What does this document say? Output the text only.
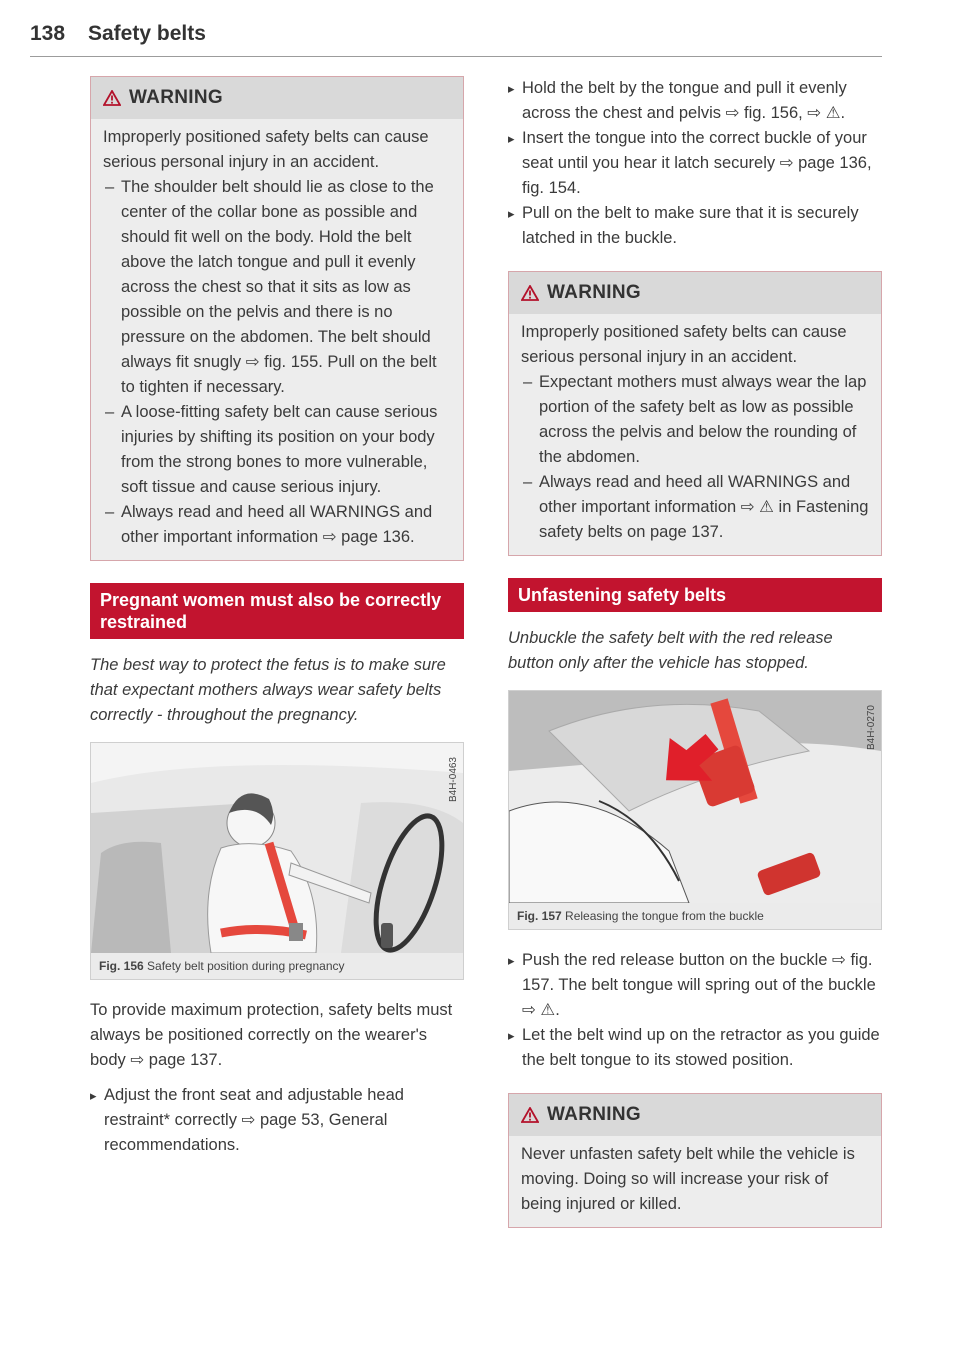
138 Safety belts
WARNING

Improperly positioned safety belts can cause serious personal injury in an accident.

– The shoulder belt should lie as close to the center of the collar bone as possible and should fit well on the body. Hold the belt above the latch tongue and pull it evenly across the chest so that it sits as low as possible on the pelvis and there is no pressure on the abdomen. The belt should always fit snugly ⇨ fig. 155. Pull on the belt to tighten if necessary.
– A loose-fitting safety belt can cause serious injuries by shifting its position on your body from the strong bones to more vulnerable, soft tissue and cause serious injury.
– Always read and heed all WARNINGS and other important information ⇨ page 136.
Pregnant women must also be correctly restrained

The best way to protect the fetus is to make sure that expectant mothers always wear safety belts correctly - throughout the pregnancy.

B4H-0463
Fig. 156 Safety belt position during pregnancy

To provide maximum protection, safety belts must always be positioned correctly on the wearer's body ⇨ page 137.

▸ Adjust the front seat and adjustable head restraint* correctly ⇨ page 53, General recommendations.
▸ Hold the belt by the tongue and pull it evenly across the chest and pelvis ⇨ fig. 156, ⇨ ⚠.
▸ Insert the tongue into the correct buckle of your seat until you hear it latch securely ⇨ page 136, fig. 154.
▸ Pull on the belt to make sure that it is securely latched in the buckle.
WARNING

Improperly positioned safety belts can cause serious personal injury in an accident.

– Expectant mothers must always wear the lap portion of the safety belt as low as possible across the pelvis and below the rounding of the abdomen.
– Always read and heed all WARNINGS and other important information ⇨ ⚠ in Fastening safety belts on page 137.
Unfastening safety belts

Unbuckle the safety belt with the red release button only after the vehicle has stopped.

B4H-0270
Fig. 157 Releasing the tongue from the buckle
▸ Push the red release button on the buckle ⇨ fig. 157. The belt tongue will spring out of the buckle ⇨ ⚠.
▸ Let the belt wind up on the retractor as you guide the belt tongue to its stowed position.
WARNING

Never unfasten safety belt while the vehicle is moving. Doing so will increase your risk of being injured or killed.
